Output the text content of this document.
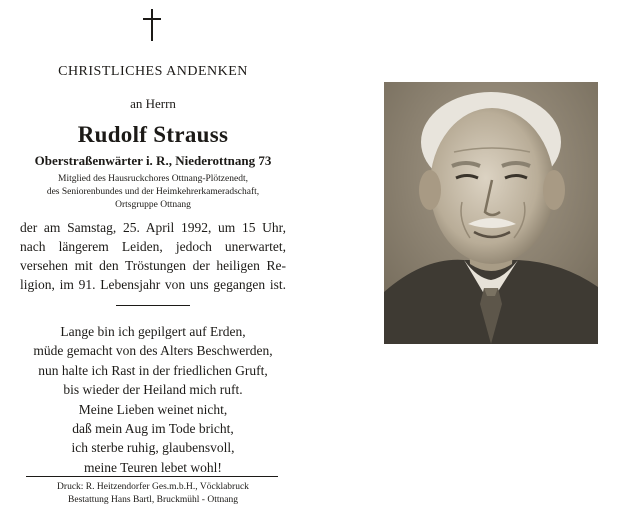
CHRISTLICHES ANDENKEN
an Herrn
Rudolf Strauss
Oberstraßenwärter i. R., Niederottnang 73
Mitglied des Hausruckchores Ottnang-Plötzenedt,
des Seniorenbundes und der Heimkehrerkameradschaft,
Ortsgruppe Ottnang
der am Samstag, 25. April 1992, um 15 Uhr,
nach längerem Leiden, jedoch unerwartet,
versehen mit den Tröstungen der heiligen Re-
ligion, im 91. Lebensjahr von uns gegangen ist.
Lange bin ich gepilgert auf Erden,
müde gemacht von des Alters Beschwerden,
nun halte ich Rast in der friedlichen Gruft,
bis wieder der Heiland mich ruft.
Meine Lieben weinet nicht,
daß mein Aug im Tode bricht,
ich sterbe ruhig, glaubensvoll,
meine Teuren lebet wohl!
Druck: R. Heitzendorfer Ges.m.b.H., Vöcklabruck
Bestattung Hans Bartl, Bruckmühl - Ottnang
